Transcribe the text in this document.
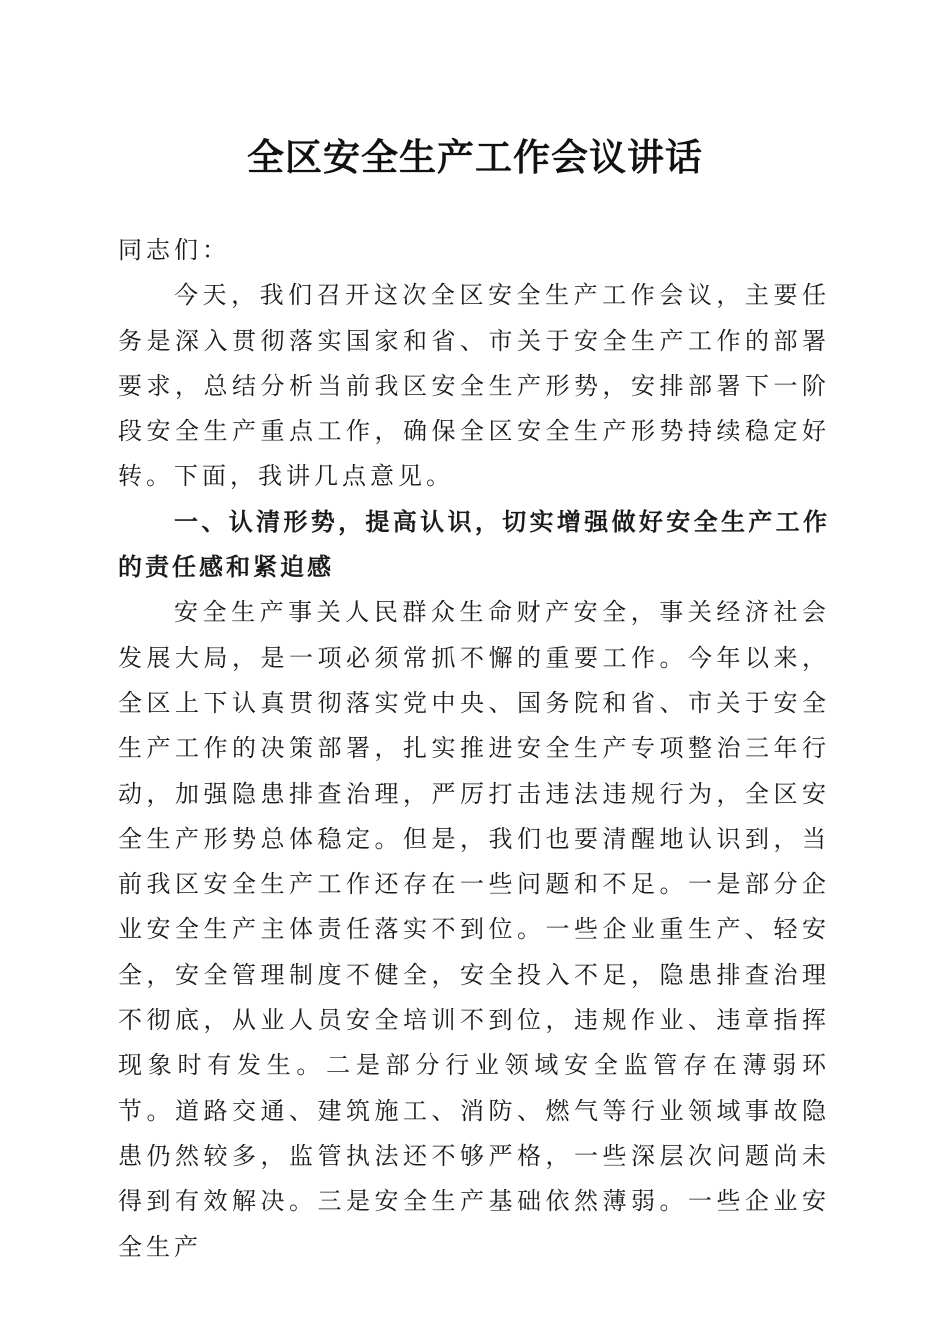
全区安全生产工作会议讲话

同志们：

今天，我们召开这次全区安全生产工作会议，主要任务是深入贯彻落实国家和省、市关于安全生产工作的部署要求，总结分析当前我区安全生产形势，安排部署下一阶段安全生产重点工作，确保全区安全生产形势持续稳定好转。下面，我讲几点意见。

一、认清形势，提高认识，切实增强做好安全生产工作的责任感和紧迫感

安全生产事关人民群众生命财产安全，事关经济社会发展大局，是一项必须常抓不懈的重要工作。今年以来，全区上下认真贯彻落实党中央、国务院和省、市关于安全生产工作的决策部署，扎实推进安全生产专项整治三年行动，加强隐患排查治理，严厉打击违法违规行为，全区安全生产形势总体稳定。但是，我们也要清醒地认识到，当前我区安全生产工作还存在一些问题和不足。一是部分企业安全生产主体责任落实不到位。一些企业重生产、轻安全，安全管理制度不健全，安全投入不足，隐患排查治理不彻底，从业人员安全培训不到位，违规作业、违章指挥现象时有发生。二是部分行业领域安全监管存在薄弱环节。道路交通、建筑施工、消防、燃气等行业领域事故隐患仍然较多，监管执法还不够严格，一些深层次问题尚未得到有效解决。三是安全生产基础依然薄弱。一些企业安全生产
